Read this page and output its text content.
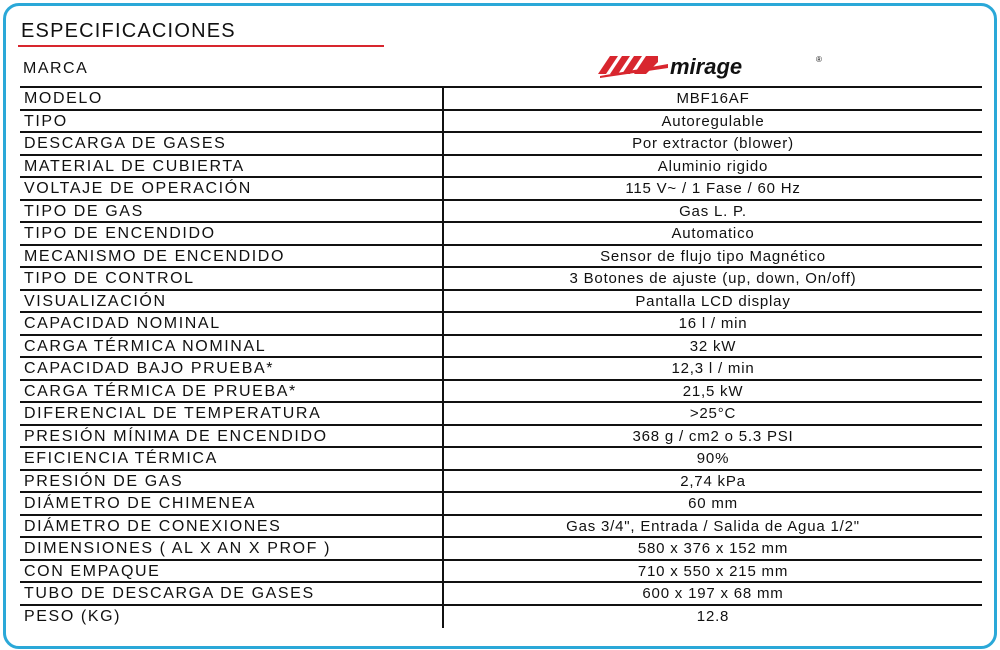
ESPECIFICACIONES
MARCA	mirage	®
MODELO	MBF16AF
TIPO	Autoregulable
DESCARGA DE GASES	Por extractor (blower)
MATERIAL DE CUBIERTA	Aluminio rigido
VOLTAJE DE OPERACIÓN	115 V~ / 1 Fase / 60 Hz
TIPO DE GAS	Gas L. P.
TIPO DE ENCENDIDO	Automatico
MECANISMO DE ENCENDIDO	Sensor de flujo tipo Magnético
TIPO DE CONTROL	3 Botones de ajuste (up, down, On/off)
VISUALIZACIÓN	Pantalla LCD display
CAPACIDAD NOMINAL	16 l / min
CARGA TÉRMICA NOMINAL	32 kW
CAPACIDAD BAJO PRUEBA*	12,3 l / min
CARGA TÉRMICA DE PRUEBA*	21,5 kW
DIFERENCIAL DE TEMPERATURA	>25°C
PRESIÓN MÍNIMA DE ENCENDIDO	368 g / cm2 o 5.3 PSI
EFICIENCIA TÉRMICA	90%
PRESIÓN DE GAS	2,74 kPa
DIÁMETRO DE CHIMENEA	60 mm
DIÁMETRO DE CONEXIONES	Gas 3/4", Entrada / Salida de Agua 1/2"
DIMENSIONES ( AL X AN X PROF )	580 x 376 x 152 mm
CON EMPAQUE	710 x 550 x 215 mm
TUBO DE DESCARGA DE GASES	600 x 197 x 68 mm
PESO (KG)	12.8
